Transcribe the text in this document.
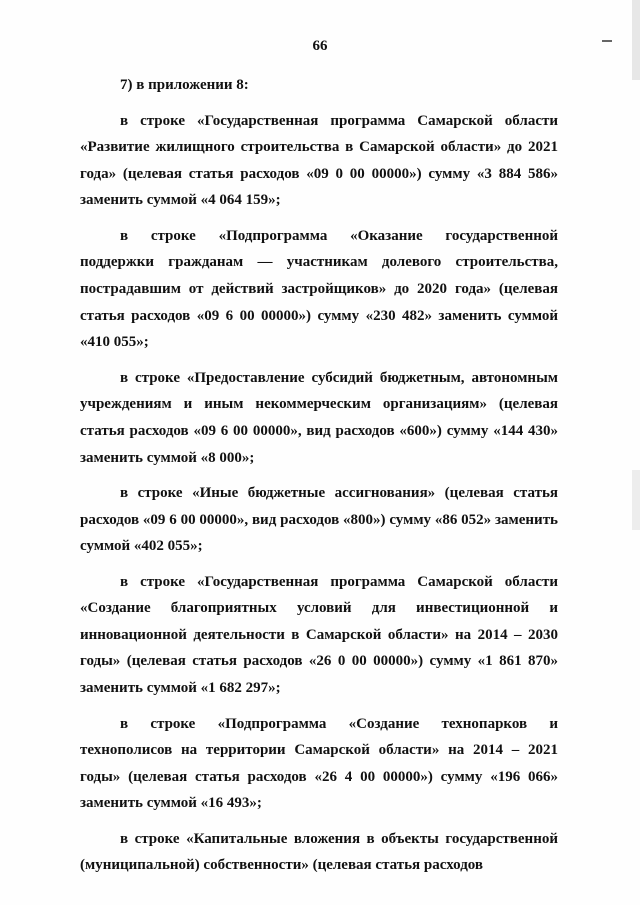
66

7) в приложении 8:

в строке «Государственная программа Самарской области «Развитие жилищного строительства в Самарской области» до 2021 года» (целевая статья расходов «09 0 00 00000») сумму «3 884 586» заменить суммой «4 064 159»;

в строке «Подпрограмма «Оказание государственной поддержки гражданам — участникам долевого строительства, пострадавшим от действий застройщиков» до 2020 года» (целевая статья расходов «09 6 00 00000») сумму «230 482» заменить суммой «410 055»;

в строке «Предоставление субсидий бюджетным, автономным учреждениям и иным некоммерческим организациям» (целевая статья расходов «09 6 00 00000», вид расходов «600») сумму «144 430» заменить суммой «8 000»;

в строке «Иные бюджетные ассигнования» (целевая статья расходов «09 6 00 00000», вид расходов «800») сумму «86 052» заменить суммой «402 055»;

в строке «Государственная программа Самарской области «Создание благоприятных условий для инвестиционной и инновационной деятельности в Самарской области» на 2014 – 2030 годы» (целевая статья расходов «26 0 00 00000») сумму «1 861 870» заменить суммой «1 682 297»;

в строке «Подпрограмма «Создание технопарков и технополисов на территории Самарской области» на 2014 – 2021 годы» (целевая статья расходов «26 4 00 00000») сумму «196 066» заменить суммой «16 493»;

в строке «Капитальные вложения в объекты государственной (муниципальной) собственности» (целевая статья расходов
